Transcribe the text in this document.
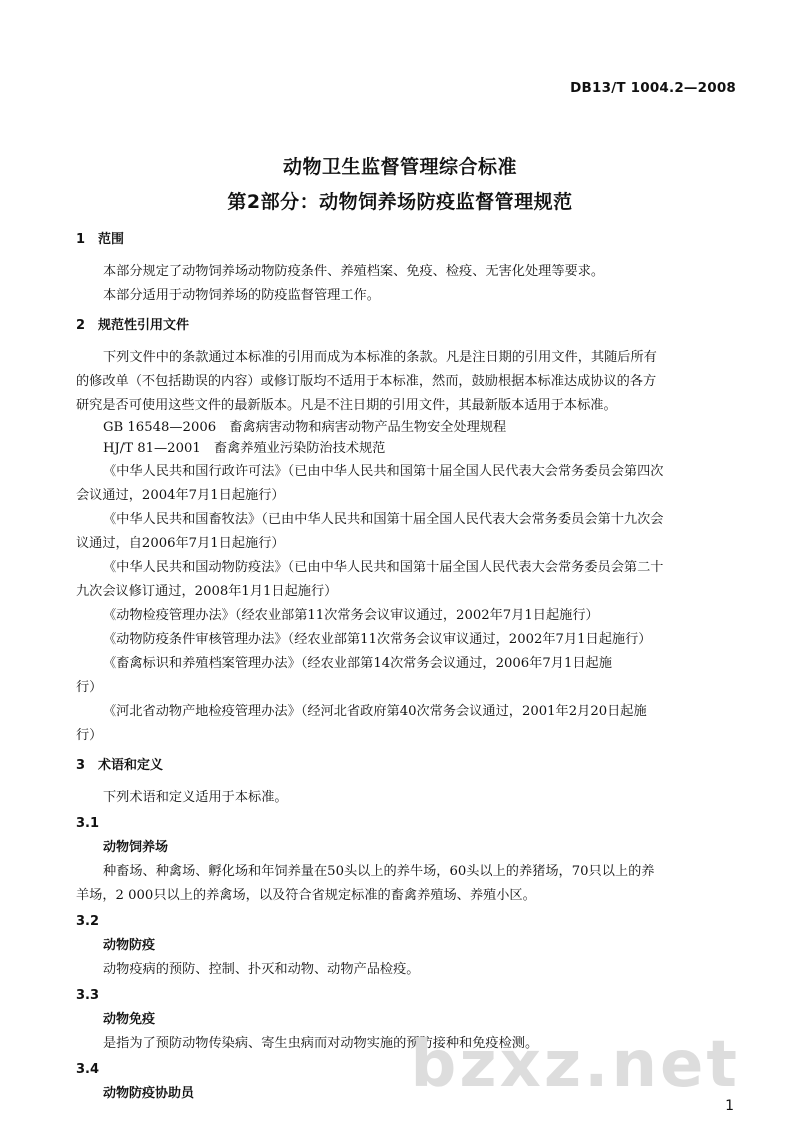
DB13/T 1004.2—2008
动物卫生监督管理综合标准
第2部分：动物饲养场防疫监督管理规范
1 范围
本部分规定了动物饲养场动物防疫条件、养殖档案、免疫、检疫、无害化处理等要求。
本部分适用于动物饲养场的防疫监督管理工作。
2 规范性引用文件
下列文件中的条款通过本标准的引用而成为本标准的条款。凡是注日期的引用文件，其随后所有
的修改单（不包括勘误的内容）或修订版均不适用于本标准，然而，鼓励根据本标准达成协议的各方
研究是否可使用这些文件的最新版本。凡是不注日期的引用文件，其最新版本适用于本标准。
GB 16548—2006　畜禽病害动物和病害动物产品生物安全处理规程
HJ/T 81—2001　畜禽养殖业污染防治技术规范
《中华人民共和国行政许可法》（已由中华人民共和国第十届全国人民代表大会常务委员会第四次
会议通过，2004年7月1日起施行）
《中华人民共和国畜牧法》（已由中华人民共和国第十届全国人民代表大会常务委员会第十九次会
议通过，自2006年7月1日起施行）
《中华人民共和国动物防疫法》（已由中华人民共和国第十届全国人民代表大会常务委员会第二十
九次会议修订通过，2008年1月1日起施行）
《动物检疫管理办法》（经农业部第11次常务会议审议通过，2002年7月1日起施行）
《动物防疫条件审核管理办法》（经农业部第11次常务会议审议通过，2002年7月1日起施行）
《畜禽标识和养殖档案管理办法》（经农业部第14次常务会议通过，2006年7月1日起施
行）
《河北省动物产地检疫管理办法》（经河北省政府第40次常务会议通过，2001年2月20日起施
行）
3 术语和定义
下列术语和定义适用于本标准。
3.1
动物饲养场
种畜场、种禽场、孵化场和年饲养量在50头以上的养牛场，60头以上的养猪场，70只以上的养
羊场，2 000只以上的养禽场，以及符合省规定标准的畜禽养殖场、养殖小区。
3.2
动物防疫
动物疫病的预防、控制、扑灭和动物、动物产品检疫。
3.3
动物免疫
是指为了预防动物传染病、寄生虫病而对动物实施的预防接种和免疫检测。
3.4
动物防疫协助员	bzxz.net
1
